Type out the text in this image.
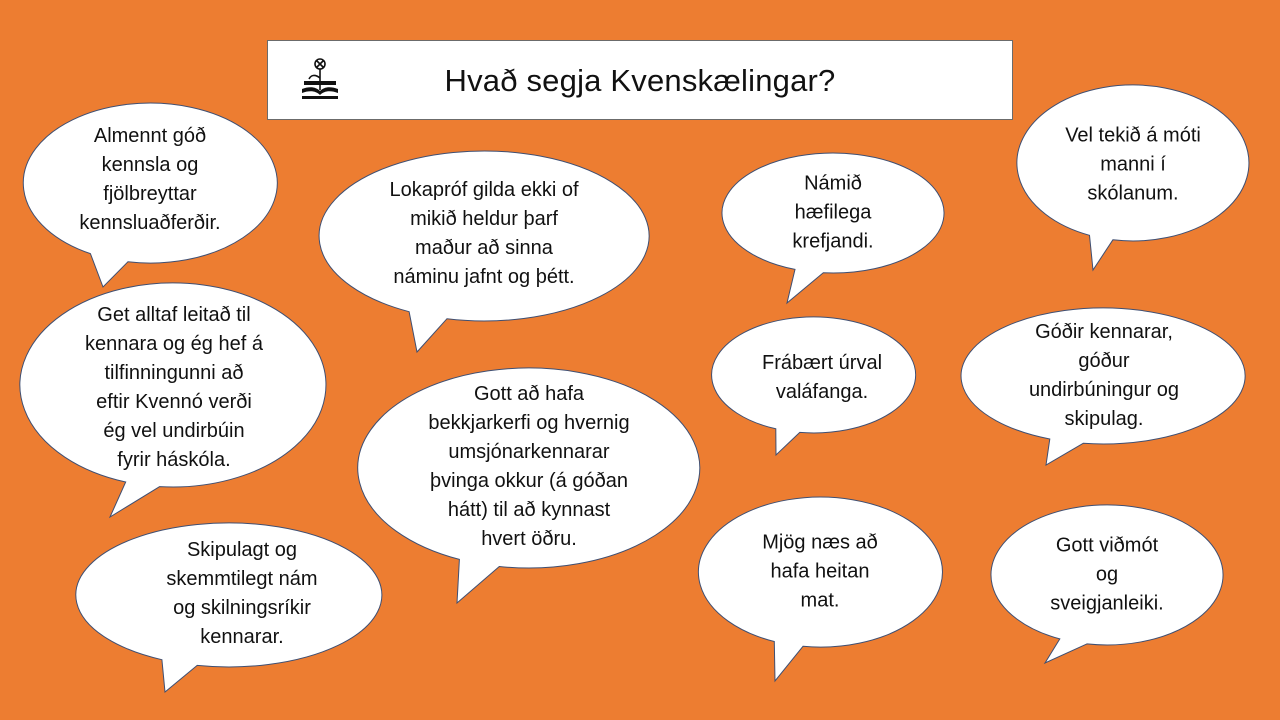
Hvað segja Kvenskælingar?
Almennt góð
kennsla og
fjölbreyttar
kennsluaðferðir.
Lokapróf gilda ekki of
mikið heldur þarf
maður að sinna
náminu jafnt og þétt.
Námið
hæfilega
krefjandi.
Vel tekið á móti
manni í
skólanum.
Get alltaf leitað til
kennara og ég hef á
tilfinningunni að
eftir Kvennó verði
ég vel undirbúin
fyrir háskóla.
Frábært úrval
valáfanga.
Góðir kennarar,
góður
undirbúningur og
skipulag.
Gott að hafa
bekkjarkerfi og hvernig
umsjónarkennarar
þvinga okkur (á góðan
hátt) til að kynnast
hvert öðru.
Skipulagt og
skemmtilegt nám
og skilningsríkir
kennarar.
Mjög næs að
hafa heitan
mat.
Gott viðmót
og
sveigjanleiki.
